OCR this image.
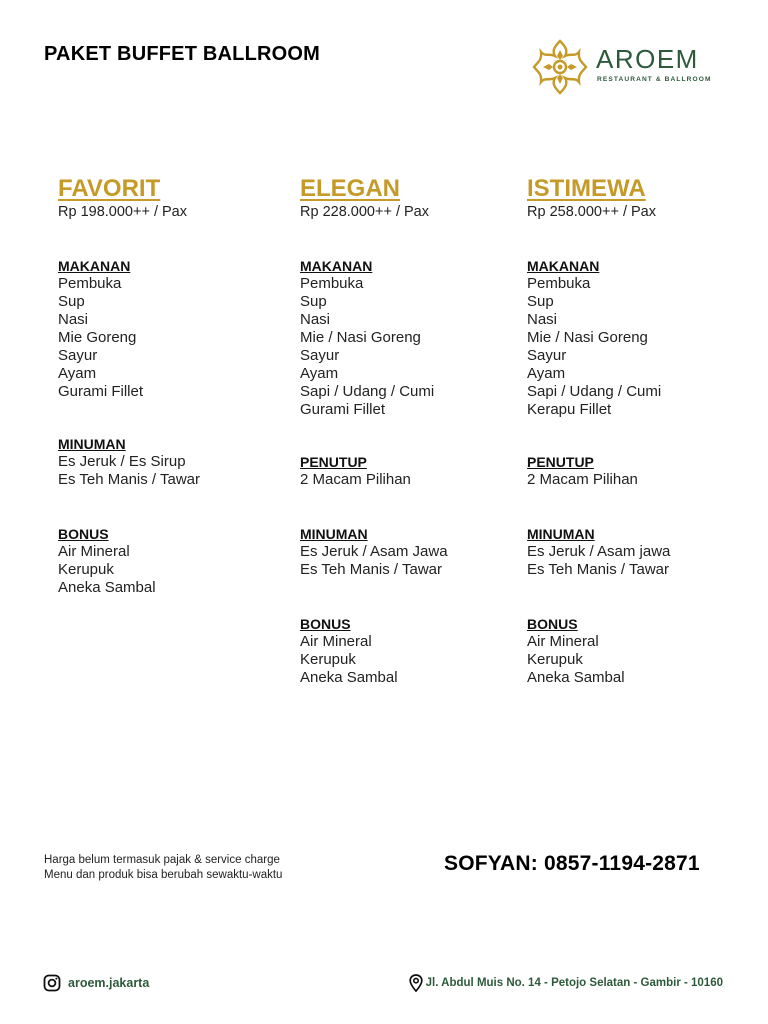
PAKET BUFFET BALLROOM	AROEM
RESTAURANT & BALLROOM
FAVORIT
Rp 198.000++ / Pax
MAKANAN
Pembuka
Sup
Nasi
Mie Goreng
Sayur
Ayam
Gurami Fillet
MINUMAN
Es Jeruk / Es Sirup
Es Teh Manis / Tawar
BONUS
Air Mineral
Kerupuk
Aneka Sambal
ELEGAN
Rp 228.000++ / Pax
MAKANAN
Pembuka
Sup
Nasi
Mie / Nasi Goreng
Sayur
Ayam
Sapi / Udang / Cumi
Gurami Fillet
PENUTUP
2 Macam Pilihan
MINUMAN
Es Jeruk / Asam Jawa
Es Teh Manis / Tawar
BONUS
Air Mineral
Kerupuk
Aneka Sambal
ISTIMEWA
Rp 258.000++ / Pax
MAKANAN
Pembuka
Sup
Nasi
Mie / Nasi Goreng
Sayur
Ayam
Sapi / Udang / Cumi
Kerapu Fillet
PENUTUP
2 Macam Pilihan
MINUMAN
Es Jeruk / Asam jawa
Es Teh Manis / Tawar
BONUS
Air Mineral
Kerupuk
Aneka Sambal
Harga belum termasuk pajak & service charge
Menu dan produk bisa berubah sewaktu-waktu	SOFYAN: 0857-1194-2871
aroem.jakarta	Jl. Abdul Muis No. 14 - Petojo Selatan - Gambir - 10160
